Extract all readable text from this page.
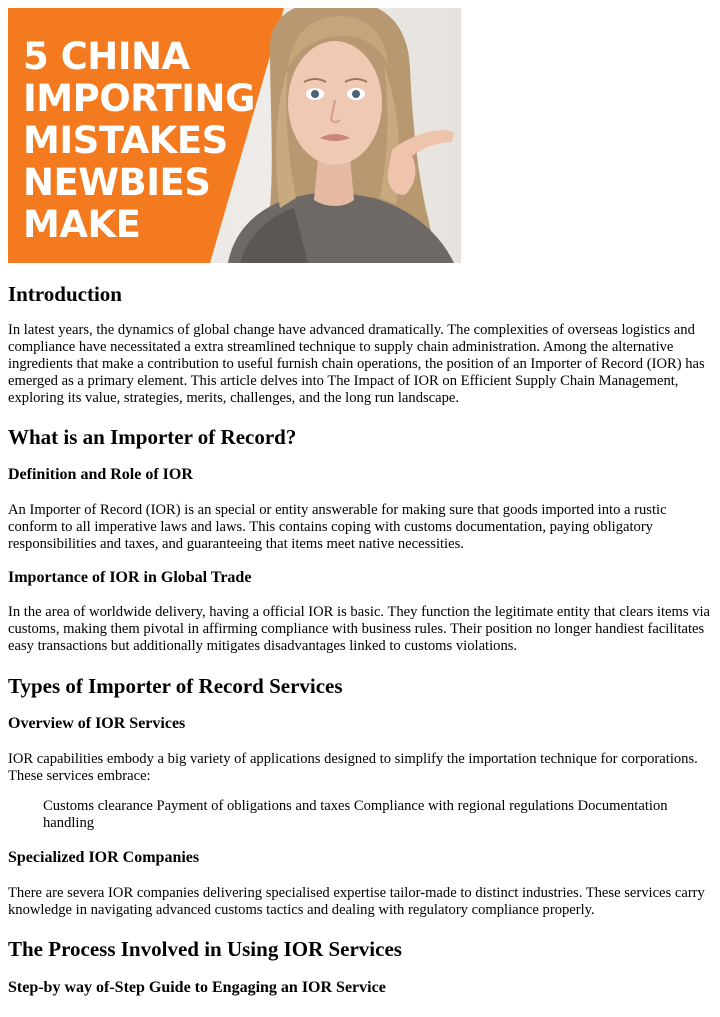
5 CHINA
IMPORTING
MISTAKES
NEWBIES
MAKE
Introduction

In latest years, the dynamics of global change have advanced dramatically. The complexities of overseas logistics and compliance have necessitated a extra streamlined technique to supply chain administration. Among the alternative ingredients that make a contribution to useful furnish chain operations, the position of an Importer of Record (IOR) has emerged as a primary element. This article delves into The Impact of IOR on Efficient Supply Chain Management, exploring its value, strategies, merits, challenges, and the long run landscape.

What is an Importer of Record?
Definition and Role of IOR

An Importer of Record (IOR) is an special or entity answerable for making sure that goods imported into a rustic conform to all imperative laws and laws. This contains coping with customs documentation, paying obligatory responsibilities and taxes, and guaranteeing that items meet native necessities.

Importance of IOR in Global Trade

In the area of worldwide delivery, having a official IOR is basic. They function the legitimate entity that clears items via customs, making them pivotal in affirming compliance with business rules. Their position no longer handiest facilitates easy transactions but additionally mitigates disadvantages linked to customs violations.

Types of Importer of Record Services
Overview of IOR Services

IOR capabilities embody a big variety of applications designed to simplify the importation technique for corporations. These services embrace:

Customs clearance Payment of obligations and taxes Compliance with regional regulations Documentation handling

Specialized IOR Companies

There are severa IOR companies delivering specialised expertise tailor-made to distinct industries. These services carry knowledge in navigating advanced customs tactics and dealing with regulatory compliance properly.

The Process Involved in Using IOR Services
Step-by way of-Step Guide to Engaging an IOR Service
